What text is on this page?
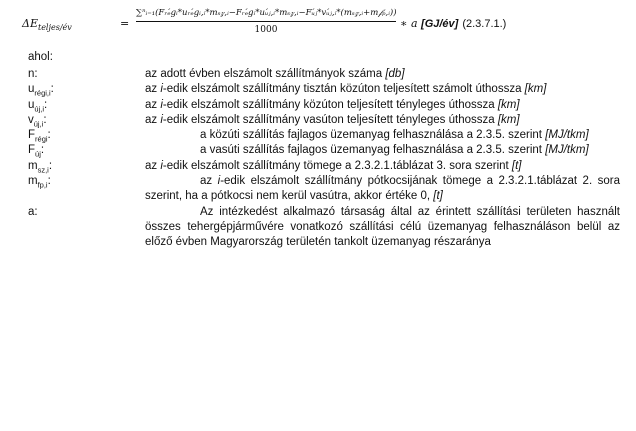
$\Delta E_{teljes/év}$	=
∑ⁿᵢ₌₁(Fᵣₑ́gᵢ*uᵣₑ́gᵢ,ᵢ*mₛ𝓏,ᵢ−Fᵣₑ́gᵢ*uᵤ́ⱼ,ᵢ*mₛ𝓏,ᵢ−Fᵤ́ⱼ*vᵤ́ⱼ,ᵢ*(mₛ𝓏,ᵢ+m𝒻ₚ,ᵢ))
1000	∗ a [GJ/év] (2.3.7.1.)
ahol:
n:	az adott évben elszámolt szállítmányok száma [db]
$u_{régi,i}$:	az i-edik elszámolt szállítmány tisztán közúton teljesített számolt úthossza [km]
$u_{új,i}$:	az i-edik elszámolt szállítmány közúton teljesített tényleges úthossza [km]
$v_{új,i}$:	az i-edik elszámolt szállítmány vasúton teljesített tényleges úthossza [km]
$F_{régi}$:	a közúti szállítás fajlagos üzemanyag felhasználása a 2.3.5. szerint [MJ/tkm]
$F_{új}$:	a vasúti szállítás fajlagos üzemanyag felhasználása a 2.3.5. szerint [MJ/tkm]
$m_{sz,i}$:	az i-edik elszámolt szállítmány tömege a 2.3.2.1.táblázat 3. sora szerint [t]
$m_{fp,i}$:	az i-edik elszámolt szállítmány pótkocsijának tömege a 2.3.2.1.táblázat 2. sora szerint, ha a pótkocsi nem kerül vasútra, akkor értéke 0, [t]
a:	Az intézkedést alkalmazó társaság által az érintett szállítási területen használt összes tehergépjárművére vonatkozó szállítási célú üzemanyag felhasználáson belül az előző évben Magyarország területén tankolt üzemanyag részaránya
